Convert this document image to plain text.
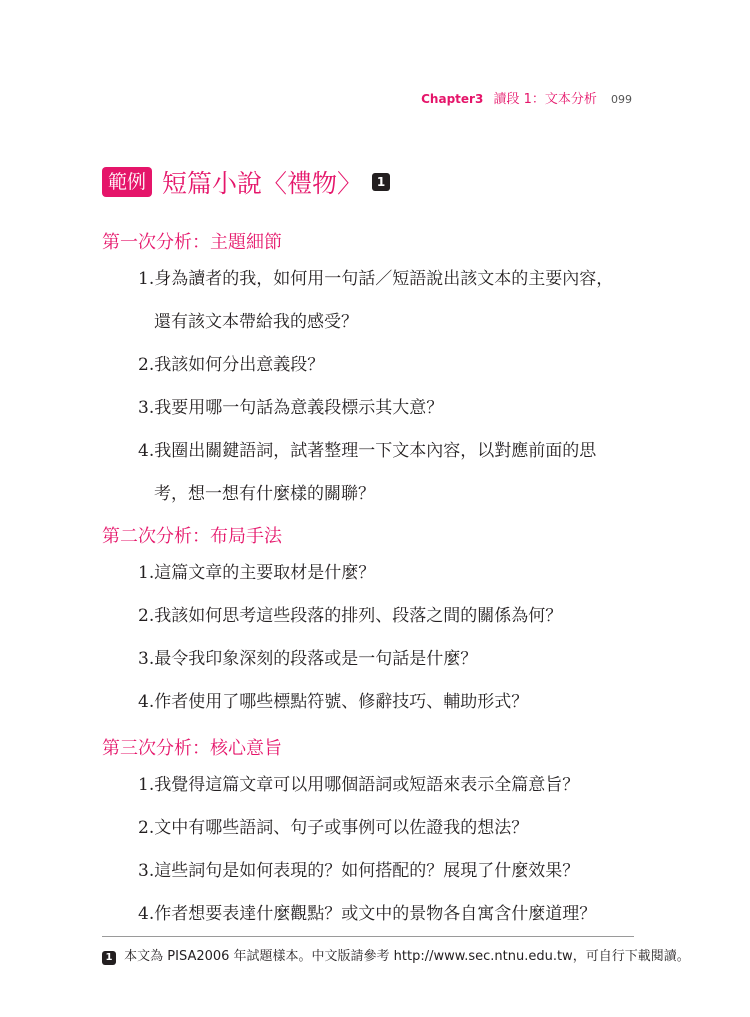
Chapter3 讀段 1：文本分析 099
範例 短篇小說〈禮物〉	1
第一次分析：主題細節
1.身為讀者的我，如何用一句話／短語說出該文本的主要內容，
還有該文本帶給我的感受？
2.我該如何分出意義段？
3.我要用哪一句話為意義段標示其大意？
4.我圈出關鍵語詞，試著整理一下文本內容，以對應前面的思
考，想一想有什麼樣的關聯？
第二次分析：布局手法
1.這篇文章的主要取材是什麼？
2.我該如何思考這些段落的排列、段落之間的關係為何？
3.最令我印象深刻的段落或是一句話是什麼？
4.作者使用了哪些標點符號、修辭技巧、輔助形式？
第三次分析：核心意旨
1.我覺得這篇文章可以用哪個語詞或短語來表示全篇意旨？
2.文中有哪些語詞、句子或事例可以佐證我的想法？
3.這些詞句是如何表現的？如何搭配的？展現了什麼效果？
4.作者想要表達什麼觀點？或文中的景物各自寓含什麼道理？
1 本文為 PISA2006 年試題樣本。中文版請參考 http://www.sec.ntnu.edu.tw，可自行下載閱讀。
